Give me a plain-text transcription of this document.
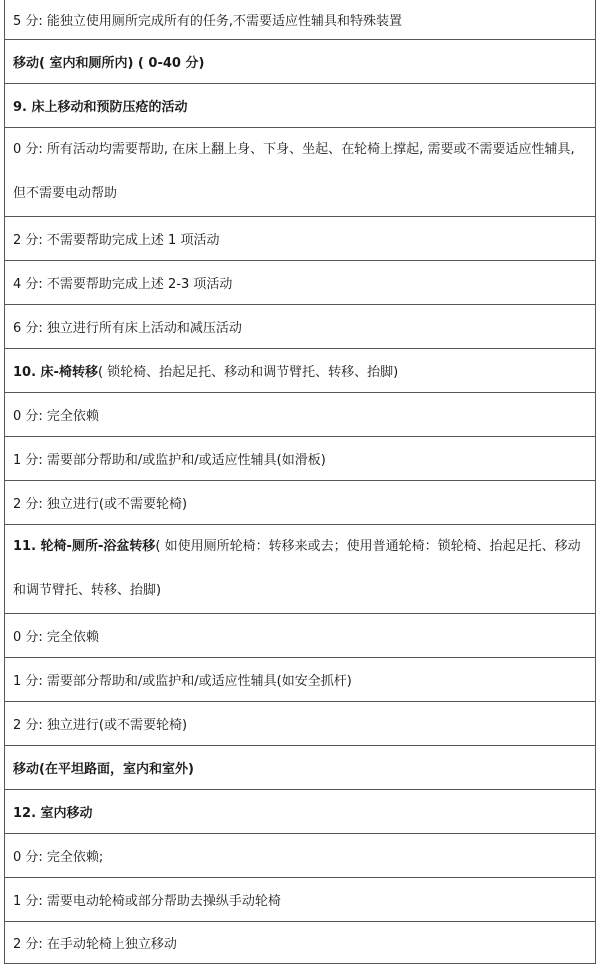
5 分: 能独立使用厕所完成所有的任务,不需要适应性辅具和特殊装置
移动( 室内和厕所内) ( 0-40 分)
9. 床上移动和预防压疮的活动
0 分: 所有活动均需要帮助, 在床上翻上身、下身、坐起、在轮椅上撑起, 需要或不需要适应性辅具, 但不需要电动帮助
2 分: 不需要帮助完成上述 1 项活动
4 分: 不需要帮助完成上述 2-3 项活动
6 分: 独立进行所有床上活动和减压活动
10. 床-椅转移( 锁轮椅、抬起足托、移动和调节臂托、转移、抬脚)
0 分: 完全依赖
1 分: 需要部分帮助和/或监护和/或适应性辅具(如滑板)
2 分: 独立进行(或不需要轮椅)
11. 轮椅-厕所-浴盆转移( 如使用厕所轮椅：转移来或去；使用普通轮椅：锁轮椅、抬起足托、移动和调节臂托、转移、抬脚)
0 分: 完全依赖
1 分: 需要部分帮助和/或监护和/或适应性辅具(如安全抓杆)
2 分: 独立进行(或不需要轮椅)
移动(在平坦路面，室内和室外)
12. 室内移动
0 分: 完全依赖;
1 分: 需要电动轮椅或部分帮助去操纵手动轮椅
2 分: 在手动轮椅上独立移动
